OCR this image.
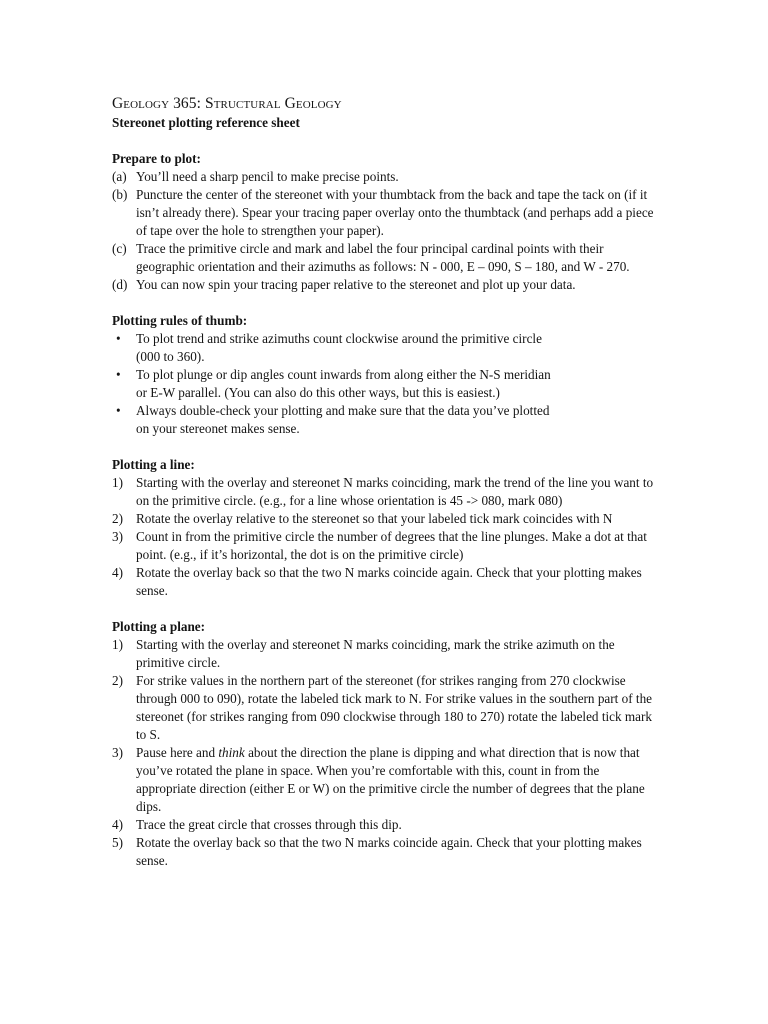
Geology 365: Structural Geology
Stereonet plotting reference sheet
Prepare to plot:
(a) You’ll need a sharp pencil to make precise points.
(b) Puncture the center of the stereonet with your thumbtack from the back and tape the tack on (if it isn’t already there). Spear your tracing paper overlay onto the thumbtack (and perhaps add a piece of tape over the hole to strengthen your paper).
(c) Trace the primitive circle and mark and label the four principal cardinal points with their geographic orientation and their azimuths as follows: N - 000, E – 090, S – 180, and W - 270.
(d) You can now spin your tracing paper relative to the stereonet and plot up your data.
Plotting rules of thumb:
•	To plot trend and strike azimuths count clockwise around the primitive circle
(000 to 360).
•	To plot plunge or dip angles count inwards from along either the N-S meridian
or E-W parallel. (You can also do this other ways, but this is easiest.)
•	Always double-check your plotting and make sure that the data you’ve plotted
on your stereonet makes sense.
Plotting a line:
1) Starting with the overlay and stereonet N marks coinciding, mark the trend of the line you want to on the primitive circle. (e.g., for a line whose orientation is 45 -> 080, mark 080)
2) Rotate the overlay relative to the stereonet so that your labeled tick mark coincides with N
3) Count in from the primitive circle the number of degrees that the line plunges. Make a dot at that point. (e.g., if it’s horizontal, the dot is on the primitive circle)
4) Rotate the overlay back so that the two N marks coincide again. Check that your plotting makes sense.
Plotting a plane:
1) Starting with the overlay and stereonet N marks coinciding, mark the strike azimuth on the primitive circle.
2) For strike values in the northern part of the stereonet (for strikes ranging from 270 clockwise through 000 to 090), rotate the labeled tick mark to N. For strike values in the southern part of the stereonet (for strikes ranging from 090 clockwise through 180 to 270) rotate the labeled tick mark to S.
3) Pause here and think about the direction the plane is dipping and what direction that is now that you’ve rotated the plane in space. When you’re comfortable with this, count in from the appropriate direction (either E or W) on the primitive circle the number of degrees that the plane dips.
4) Trace the great circle that crosses through this dip.
5) Rotate the overlay back so that the two N marks coincide again. Check that your plotting makes sense.
